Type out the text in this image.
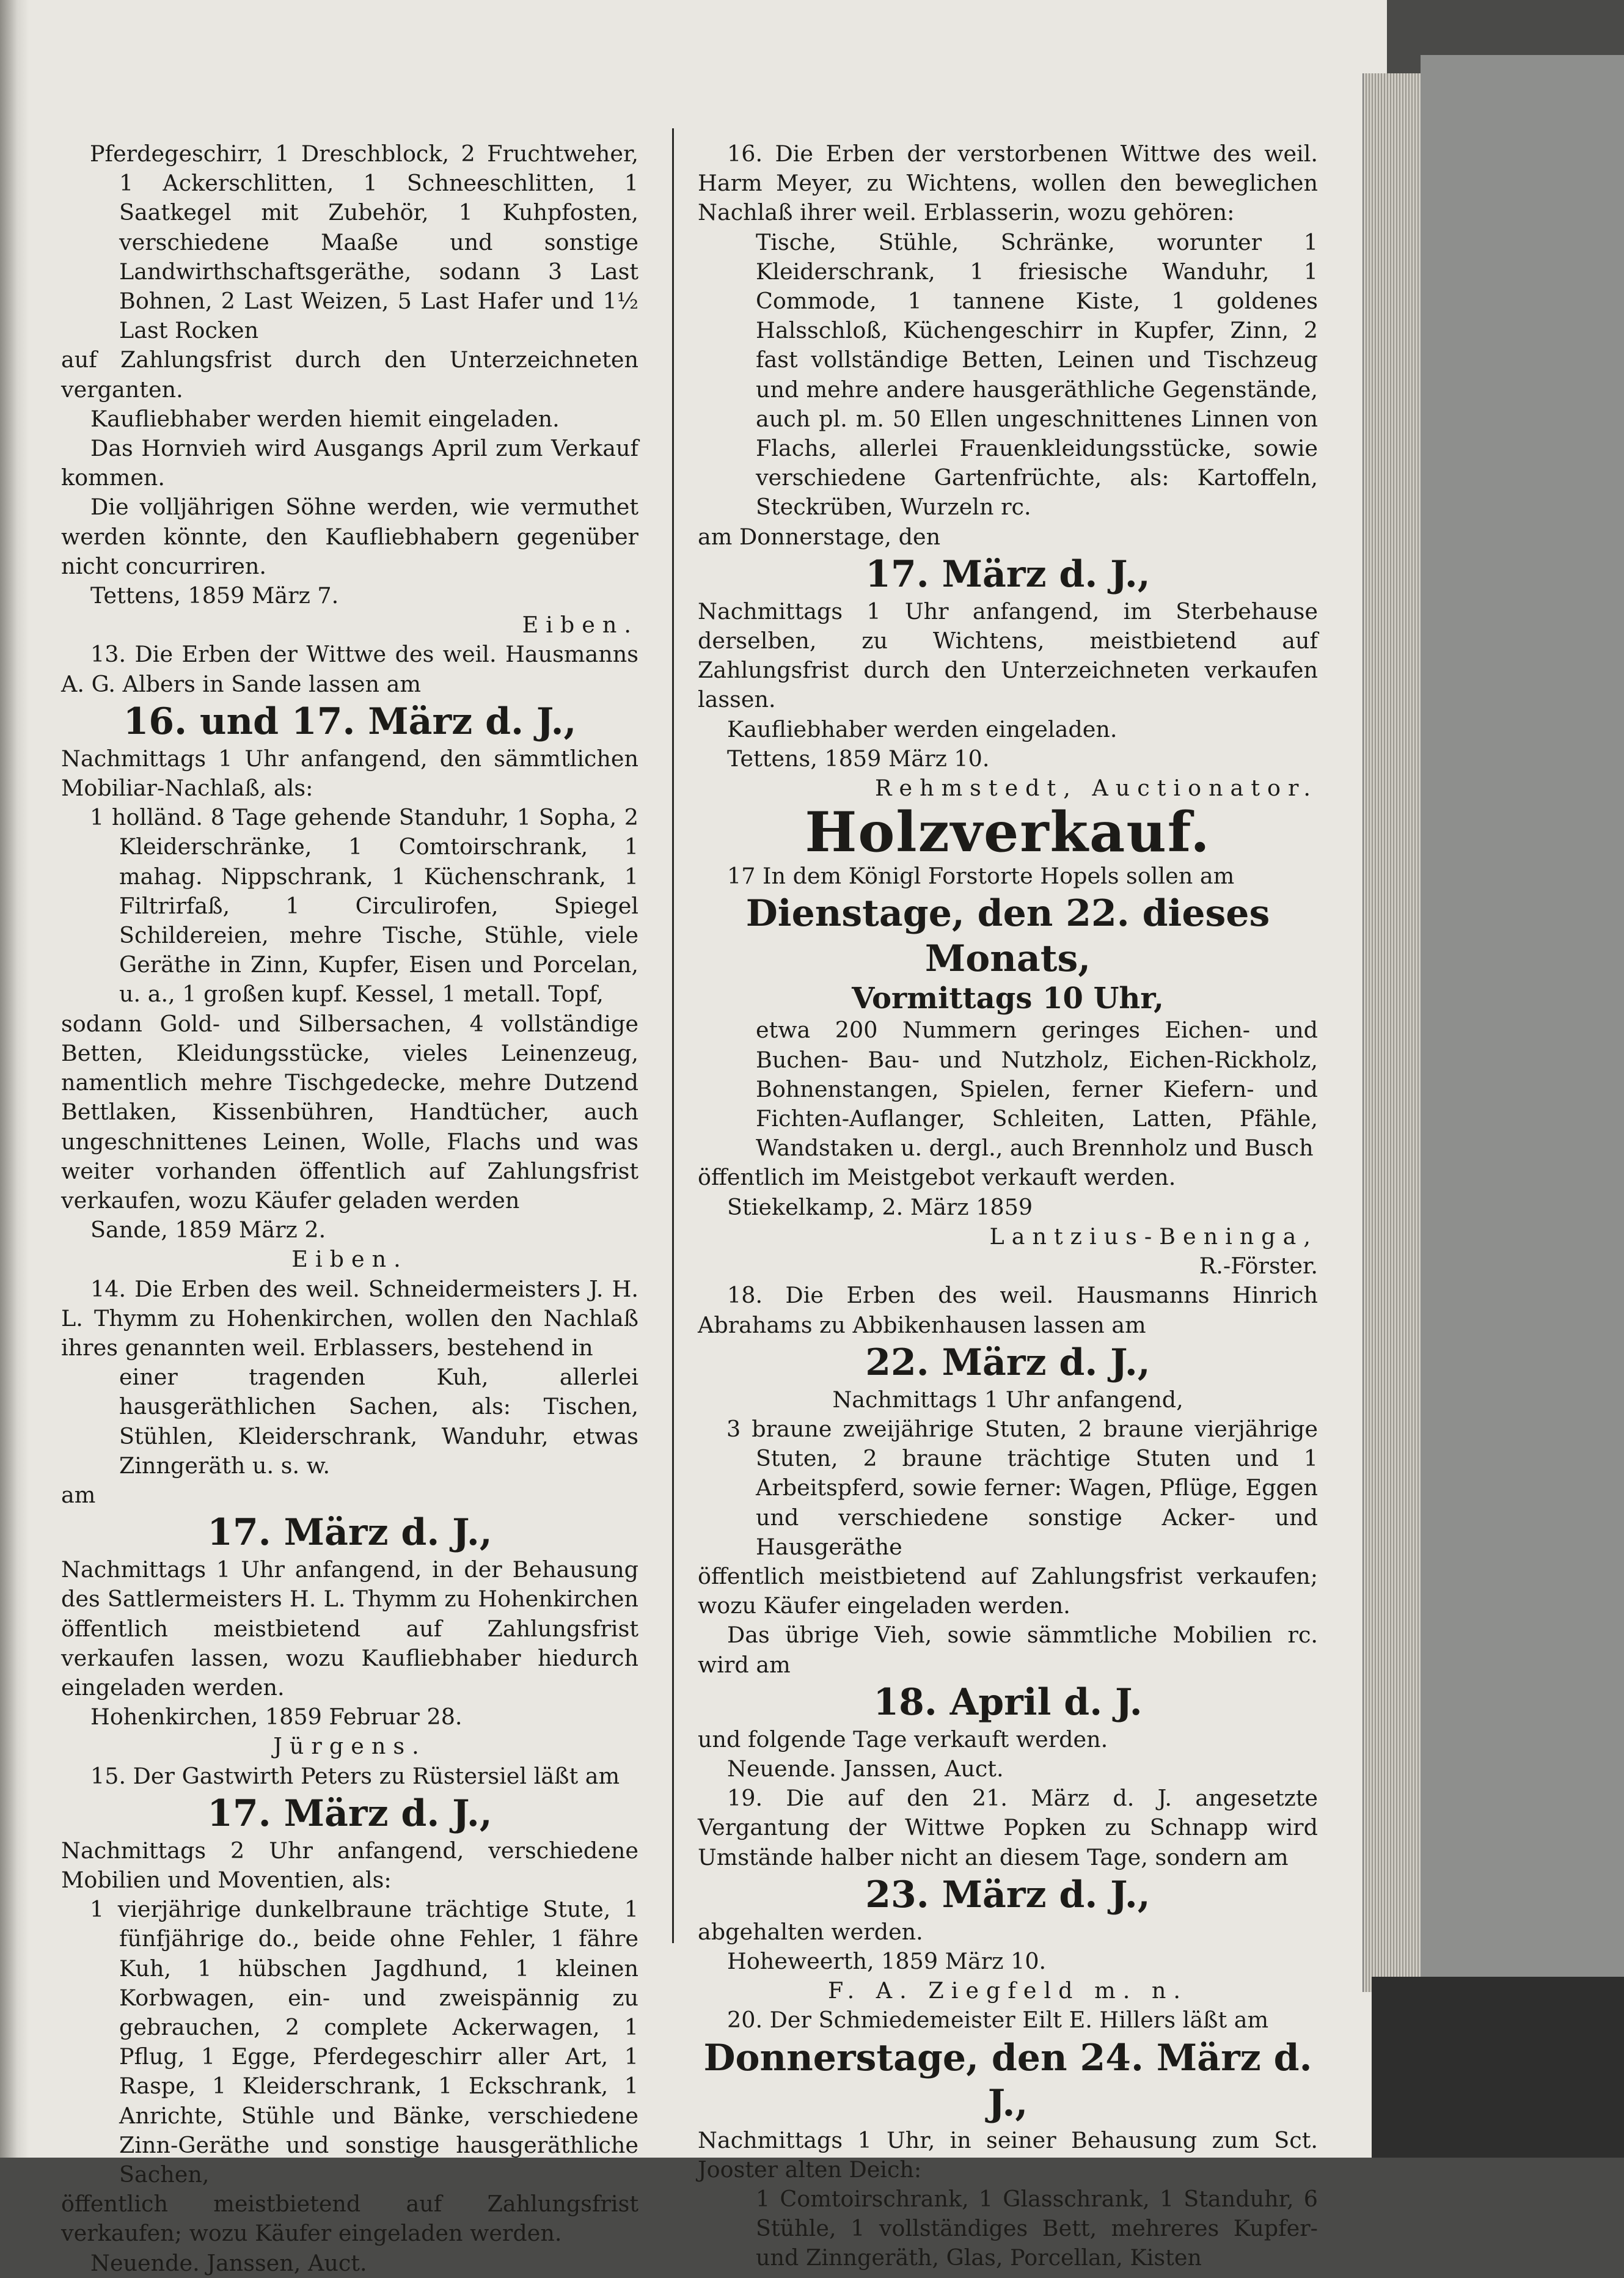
Pferdegeschirr, 1 Dreschblock, 2 Fruchtweher, 1 Ackerschlitten, 1 Schneeschlitten, 1 Saatkegel mit Zubehör, 1 Kuhpfosten, verschiedene Maaße und sonstige Landwirthschaftsgeräthe, sodann 3 Last Bohnen, 2 Last Weizen, 5 Last Hafer und 1½ Last Rocken

auf Zahlungsfrist durch den Unterzeichneten verganten.

Kaufliebhaber werden hiemit eingeladen.

Das Hornvieh wird Ausgangs April zum Verkauf kommen.

Die volljährigen Söhne werden, wie vermuthet werden könnte, den Kaufliebhabern gegenüber nicht concurriren.

Tettens, 1859 März 7.

Eiben.

13. Die Erben der Wittwe des weil. Hausmanns A. G. Albers in Sande lassen am

16. und 17. März d. J.,

Nachmittags 1 Uhr anfangend, den sämmtlichen Mobiliar-Nachlaß, als:

1 holländ. 8 Tage gehende Standuhr, 1 Sopha, 2 Kleiderschränke, 1 Comtoirschrank, 1 mahag. Nippschrank, 1 Küchenschrank, 1 Filtrirfaß, 1 Circulirofen, Spiegel Schildereien, mehre Tische, Stühle, viele Geräthe in Zinn, Kupfer, Eisen und Porcelan, u. a., 1 großen kupf. Kessel, 1 metall. Topf,

sodann Gold- und Silbersachen, 4 vollständige Betten, Kleidungsstücke, vieles Leinenzeug, namentlich mehre Tischgedecke, mehre Dutzend Bettlaken, Kissenbühren, Handtücher, auch ungeschnittenes Leinen, Wolle, Flachs und was weiter vorhanden öffentlich auf Zahlungsfrist verkaufen, wozu Käufer geladen werden

Sande, 1859 März 2.

Eiben.

14. Die Erben des weil. Schneidermeisters J. H. L. Thymm zu Hohenkirchen, wollen den Nachlaß ihres genannten weil. Erblassers, bestehend in

einer tragenden Kuh, allerlei hausgeräthlichen Sachen, als: Tischen, Stühlen, Kleiderschrank, Wanduhr, etwas Zinngeräth u. s. w.

am

17. März d. J.,

Nachmittags 1 Uhr anfangend, in der Behausung des Sattlermeisters H. L. Thymm zu Hohenkirchen öffentlich meistbietend auf Zahlungsfrist verkaufen lassen, wozu Kaufliebhaber hiedurch eingeladen werden.

Hohenkirchen, 1859 Februar 28.

Jürgens.

15. Der Gastwirth Peters zu Rüstersiel läßt am

17. März d. J.,

Nachmittags 2 Uhr anfangend, verschiedene Mobilien und Moventien, als:

1 vierjährige dunkelbraune trächtige Stute, 1 fünfjährige do., beide ohne Fehler, 1 fähre Kuh, 1 hübschen Jagdhund, 1 kleinen Korbwagen, ein- und zweispännig zu gebrauchen, 2 complete Ackerwagen, 1 Pflug, 1 Egge, Pferdegeschirr aller Art, 1 Raspe, 1 Kleiderschrank, 1 Eckschrank, 1 Anrichte, Stühle und Bänke, verschiedene Zinn-Geräthe und sonstige hausgeräthliche Sachen,

öffentlich meistbietend auf Zahlungsfrist verkaufen; wozu Käufer eingeladen werden.

Neuende. Janssen, Auct.

16. Die Erben der verstorbenen Wittwe des weil. Harm Meyer, zu Wichtens, wollen den beweglichen Nachlaß ihrer weil. Erblasserin, wozu gehören:

Tische, Stühle, Schränke, worunter 1 Kleiderschrank, 1 friesische Wanduhr, 1 Commode, 1 tannene Kiste, 1 goldenes Halsschloß, Küchengeschirr in Kupfer, Zinn, 2 fast vollständige Betten, Leinen und Tischzeug und mehre andere hausgeräthliche Gegenstände, auch pl. m. 50 Ellen ungeschnittenes Linnen von Flachs, allerlei Frauenkleidungsstücke, sowie verschiedene Gartenfrüchte, als: Kartoffeln, Steckrüben, Wurzeln rc.

am Donnerstage, den

17. März d. J.,

Nachmittags 1 Uhr anfangend, im Sterbehause derselben, zu Wichtens, meistbietend auf Zahlungsfrist durch den Unterzeichneten verkaufen lassen.

Kaufliebhaber werden eingeladen.

Tettens, 1859 März 10.

Rehmstedt, Auctionator.

Holzverkauf.

17 In dem Königl Forstorte Hopels sollen am

Dienstage, den 22. dieses Monats,

Vormittags 10 Uhr,

etwa 200 Nummern geringes Eichen- und Buchen- Bau- und Nutzholz, Eichen-Rickholz, Bohnenstangen, Spielen, ferner Kiefern- und Fichten-Auflanger, Schleiten, Latten, Pfähle, Wandstaken u. dergl., auch Brennholz und Busch

öffentlich im Meistgebot verkauft werden.

Stiekelkamp, 2. März 1859

Lantzius-Beninga,

R.-Förster.

18. Die Erben des weil. Hausmanns Hinrich Abrahams zu Abbikenhausen lassen am

22. März d. J.,

Nachmittags 1 Uhr anfangend,

3 braune zweijährige Stuten, 2 braune vierjährige Stuten, 2 braune trächtige Stuten und 1 Arbeitspferd, sowie ferner: Wagen, Pflüge, Eggen und verschiedene sonstige Acker- und Hausgeräthe

öffentlich meistbietend auf Zahlungsfrist verkaufen; wozu Käufer eingeladen werden.

Das übrige Vieh, sowie sämmtliche Mobilien rc. wird am

18. April d. J.

und folgende Tage verkauft werden.

Neuende. Janssen, Auct.

19. Die auf den 21. März d. J. angesetzte Vergantung der Wittwe Popken zu Schnapp wird Umstände halber nicht an diesem Tage, sondern am

23. März d. J.,

abgehalten werden.

Hoheweerth, 1859 März 10.

F. A. Ziegfeld m. n.

20. Der Schmiedemeister Eilt E. Hillers läßt am

Donnerstage, den 24. März d. J.,

Nachmittags 1 Uhr, in seiner Behausung zum Sct. Jooster alten Deich:

1 Comtoirschrank, 1 Glasschrank, 1 Standuhr, 6 Stühle, 1 vollständiges Bett, mehreres Kupfer- und Zinngeräth, Glas, Porcellan, Kisten
